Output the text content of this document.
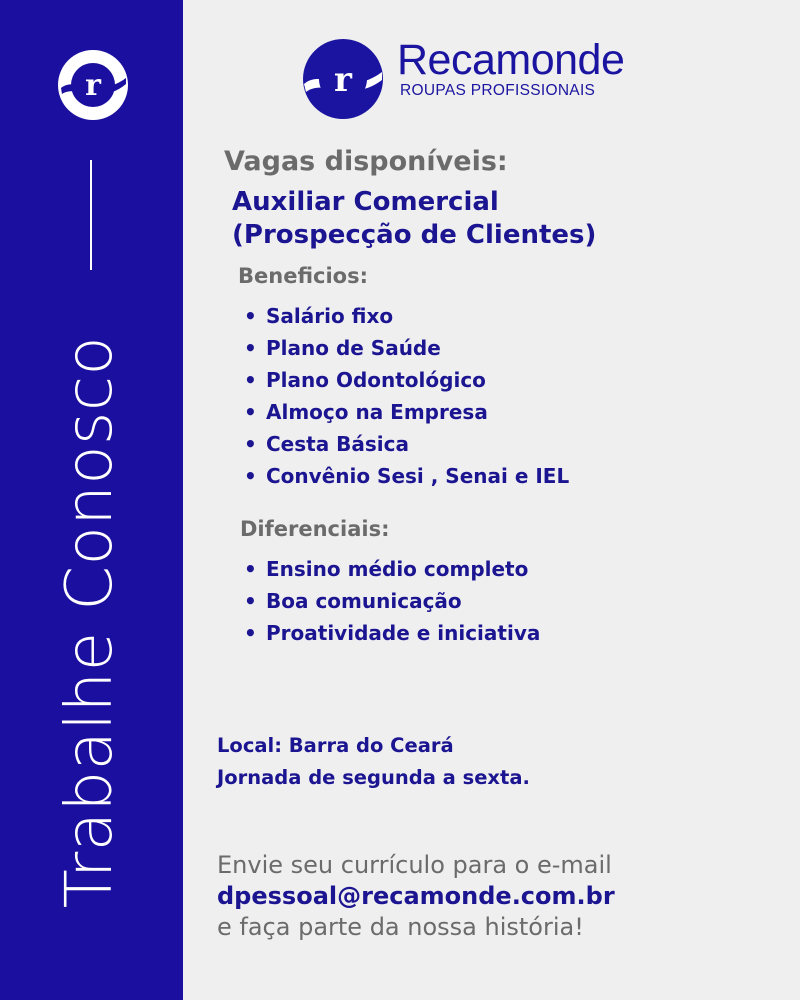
r
Trabalhe Conosco
r Recamonde
ROUPAS PROFISSIONAIS
Vagas disponíveis:
Auxiliar Comercial
(Prospecção de Clientes)
Beneficios:
• Salário fixo
• Plano de Saúde
• Plano Odontológico
• Almoço na Empresa
• Cesta Básica
• Convênio Sesi , Senai e IEL
Diferenciais:
• Ensino médio completo
• Boa comunicação
• Proatividade e iniciativa
Local: Barra do Ceará
Jornada de segunda a sexta.
Envie seu currículo para o e-mail
dpessoal@recamonde.com.br
e faça parte da nossa história!
